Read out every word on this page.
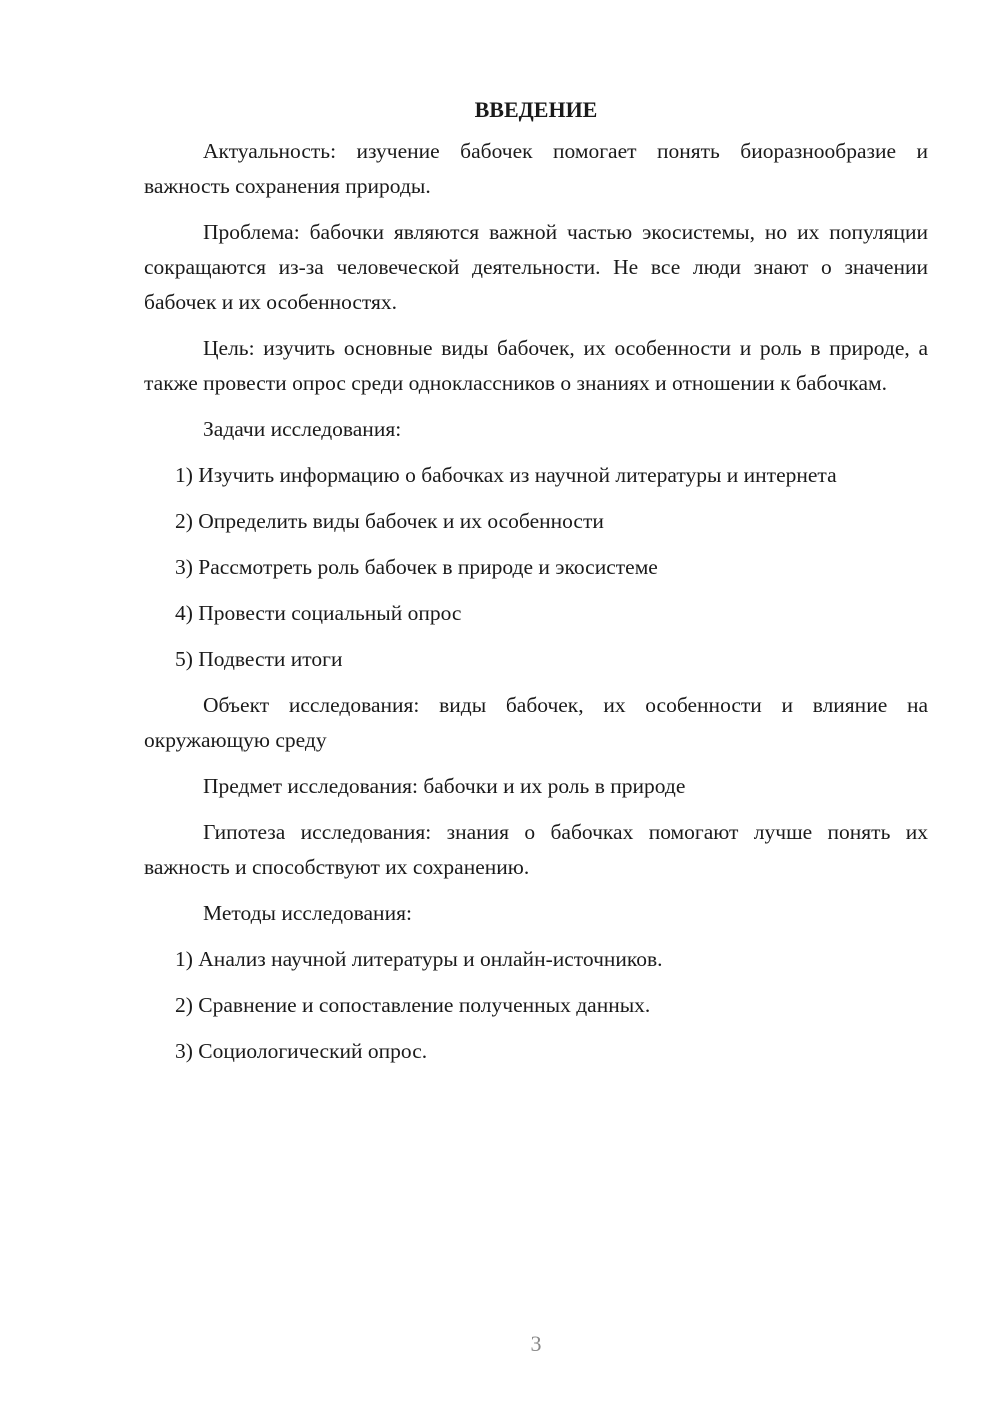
ВВЕДЕНИЕ

Актуальность: изучение бабочек помогает понять биоразнообразие и важность сохранения природы.

Проблема: бабочки являются важной частью экосистемы, но их популяции сокращаются из-за человеческой деятельности. Не все люди знают о значении бабочек и их особенностях.

Цель: изучить основные виды бабочек, их особенности и роль в природе, а также провести опрос среди одноклассников о знаниях и отношении к бабочкам.

Задачи исследования:

1) Изучить информацию о бабочках из научной литературы и интернета

2) Определить виды бабочек и их особенности

3) Рассмотреть роль бабочек в природе и экосистеме

4) Провести социальный опрос

5) Подвести итоги

Объект исследования: виды бабочек, их особенности и влияние на окружающую среду

Предмет исследования: бабочки и их роль в природе

Гипотеза исследования: знания о бабочках помогают лучше понять их важность и способствуют их сохранению.

Методы исследования:

1) Анализ научной литературы и онлайн-источников.

2) Сравнение и сопоставление полученных данных.

3) Социологический опрос.

3
